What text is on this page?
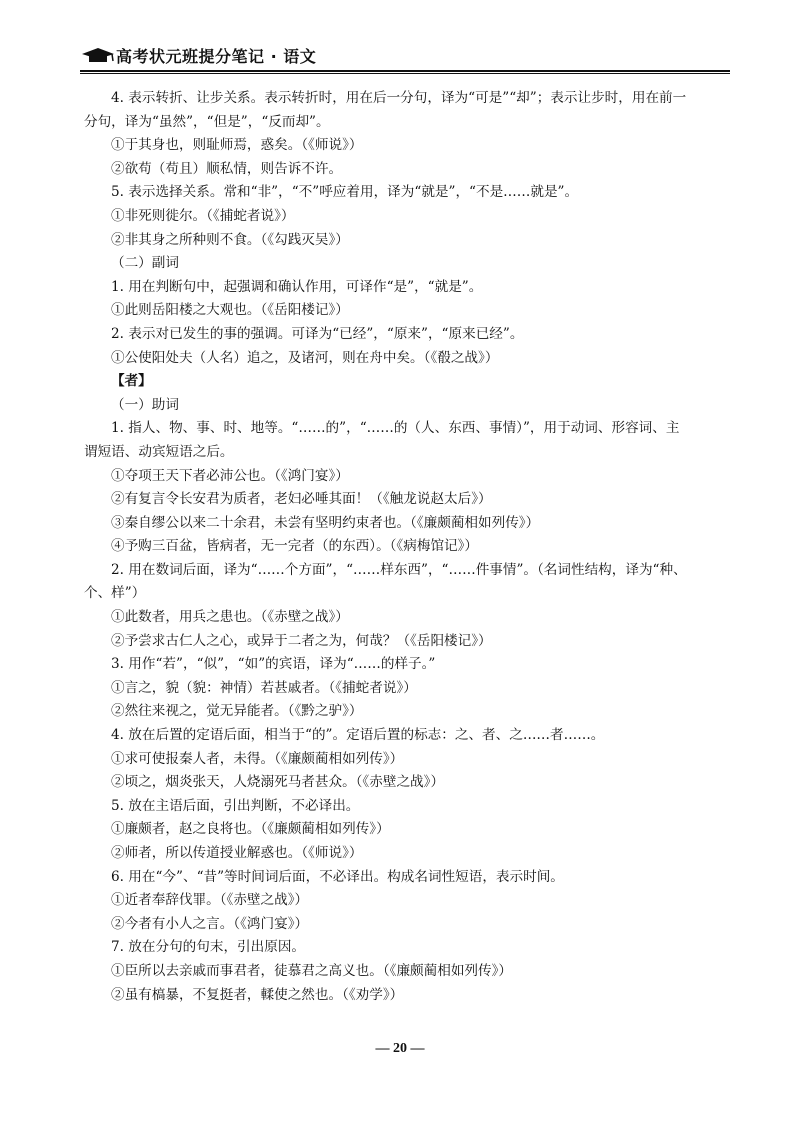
高考状元班提分笔记 · 语文

4. 表示转折、让步关系。表示转折时，用在后一分句，译为“可是”“却”；表示让步时，用在前一

分句，译为“虽然”，“但是”，“反而却”。

①于其身也，则耻师焉，惑矣。（《师说》）

②欲苟（苟且）顺私情，则告诉不许。

5. 表示选择关系。常和“非”，“不”呼应着用，译为“就是”，“不是……就是”。

①非死则徙尔。（《捕蛇者说》）

②非其身之所种则不食。（《勾践灭吴》）

（二）副词

1. 用在判断句中，起强调和确认作用，可译作“是”，“就是”。

①此则岳阳楼之大观也。（《岳阳楼记》）

2. 表示对已发生的事的强调。可译为“已经”，“原来”，“原来已经”。

①公使阳处夫（人名）追之，及诸河，则在舟中矣。（《殽之战》）

【者】

（一）助词

1. 指人、物、事、时、地等。“……的”，“……的（人、东西、事情）”，用于动词、形容词、主

谓短语、动宾短语之后。

①夺项王天下者必沛公也。（《鸿门宴》）

②有复言令长安君为质者，老妇必唾其面！（《触龙说赵太后》）

③秦自缪公以来二十余君，未尝有坚明约束者也。（《廉颇蔺相如列传》）

④予购三百盆，皆病者，无一完者（的东西）。（《病梅馆记》）

2. 用在数词后面，译为“……个方面”，“……样东西”，“……件事情”。（名词性结构，译为“种、

个、样”）

①此数者，用兵之患也。（《赤壁之战》）

②予尝求古仁人之心，或异于二者之为，何哉？（《岳阳楼记》）

3. 用作“若”，“似”，“如”的宾语，译为“……的样子。”

①言之，貌（貌：神情）若甚戚者。（《捕蛇者说》）

②然往来视之，觉无异能者。（《黔之驴》）

4. 放在后置的定语后面，相当于“的”。定语后置的标志：之、者、之……者……。

①求可使报秦人者，未得。（《廉颇蔺相如列传》）

②顷之，烟炎张天，人烧溺死马者甚众。（《赤壁之战》）

5. 放在主语后面，引出判断，不必译出。

①廉颇者，赵之良将也。（《廉颇蔺相如列传》）

②师者，所以传道授业解惑也。（《师说》）

6. 用在“今”、“昔”等时间词后面，不必译出。构成名词性短语，表示时间。

①近者奉辞伐罪。（《赤壁之战》）

②今者有小人之言。（《鸿门宴》）

7. 放在分句的句末，引出原因。

①臣所以去亲戚而事君者，徒慕君之高义也。（《廉颇蔺相如列传》）

②虽有槁暴，不复挺者，輮使之然也。（《劝学》）

— 20 —
